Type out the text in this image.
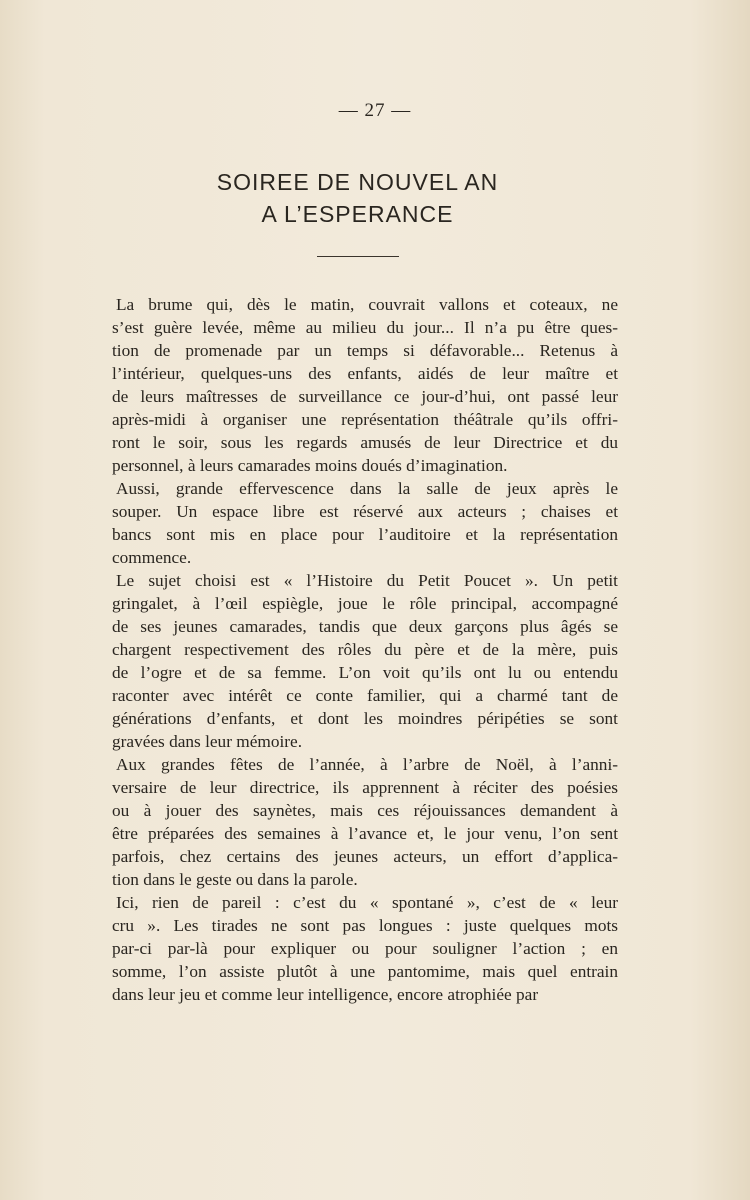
— 27 —
SOIREE DE NOUVEL AN
A L’ESPERANCE
La brume qui, dès le matin, couvrait vallons et coteaux, ne
s’est guère levée, même au milieu du jour... Il n’a pu être ques-
tion de promenade par un temps si défavorable... Retenus à
l’intérieur, quelques-uns des enfants, aidés de leur maître et
de leurs maîtresses de surveillance ce jour-d’hui, ont passé leur
après-midi à organiser une représentation théâtrale qu’ils offri-
ront le soir, sous les regards amusés de leur Directrice et du
personnel, à leurs camarades moins doués d’imagination.
Aussi, grande effervescence dans la salle de jeux après le
souper. Un espace libre est réservé aux acteurs ; chaises et
bancs sont mis en place pour l’auditoire et la représentation
commence.
Le sujet choisi est « l’Histoire du Petit Poucet ». Un petit
gringalet, à l’œil espiègle, joue le rôle principal, accompagné
de ses jeunes camarades, tandis que deux garçons plus âgés se
chargent respectivement des rôles du père et de la mère, puis
de l’ogre et de sa femme. L’on voit qu’ils ont lu ou entendu
raconter avec intérêt ce conte familier, qui a charmé tant de
générations d’enfants, et dont les moindres péripéties se sont
gravées dans leur mémoire.
Aux grandes fêtes de l’année, à l’arbre de Noël, à l’anni-
versaire de leur directrice, ils apprennent à réciter des poésies
ou à jouer des saynètes, mais ces réjouissances demandent à
être préparées des semaines à l’avance et, le jour venu, l’on sent
parfois, chez certains des jeunes acteurs, un effort d’applica-
tion dans le geste ou dans la parole.
Ici, rien de pareil : c’est du « spontané », c’est de « leur
cru ». Les tirades ne sont pas longues : juste quelques mots
par-ci par-là pour expliquer ou pour souligner l’action ; en
somme, l’on assiste plutôt à une pantomime, mais quel entrain
dans leur jeu et comme leur intelligence, encore atrophiée par
